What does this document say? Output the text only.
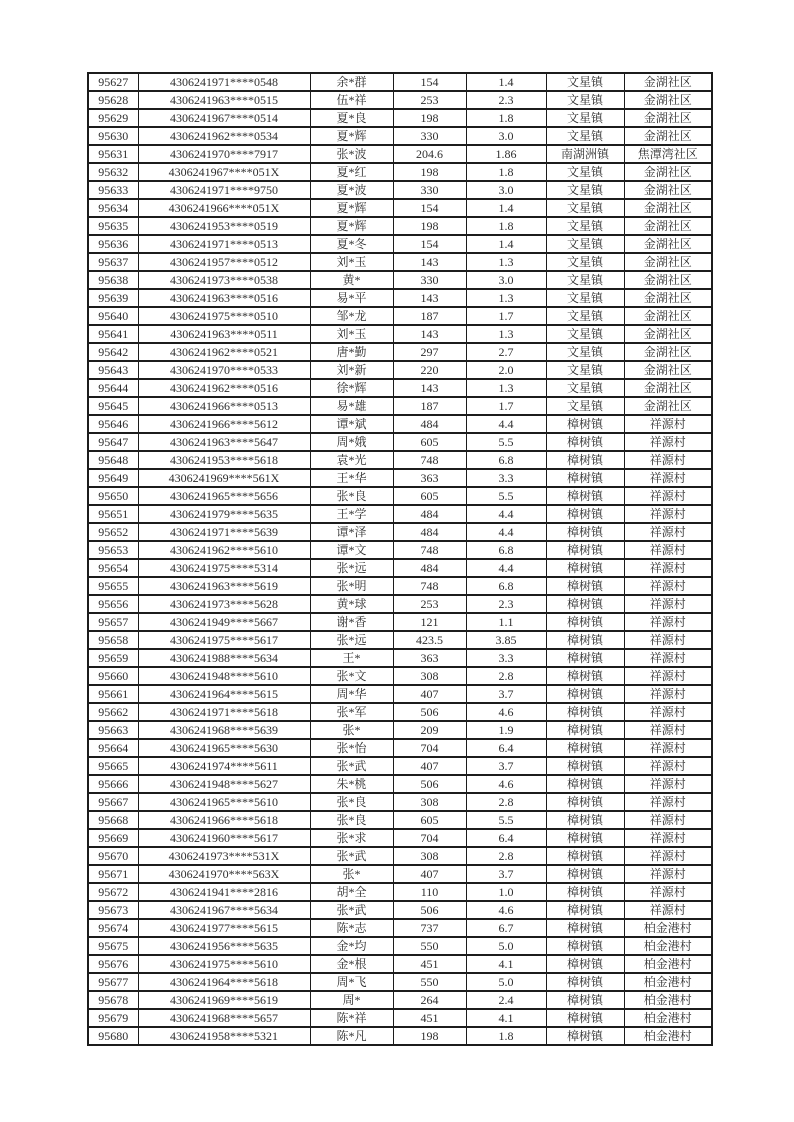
95627	4306241971****0548	余*群	154	1.4	文星镇	金湖社区
95628	4306241963****0515	伍*祥	253	2.3	文星镇	金湖社区
95629	4306241967****0514	夏*良	198	1.8	文星镇	金湖社区
95630	4306241962****0534	夏*辉	330	3.0	文星镇	金湖社区
95631	4306241970****7917	张*波	204.6	1.86	南湖洲镇	焦潭湾社区
95632	4306241967****051X	夏*红	198	1.8	文星镇	金湖社区
95633	4306241971****9750	夏*波	330	3.0	文星镇	金湖社区
95634	4306241966****051X	夏*辉	154	1.4	文星镇	金湖社区
95635	4306241953****0519	夏*辉	198	1.8	文星镇	金湖社区
95636	4306241971****0513	夏*冬	154	1.4	文星镇	金湖社区
95637	4306241957****0512	刘*玉	143	1.3	文星镇	金湖社区
95638	4306241973****0538	黄*	330	3.0	文星镇	金湖社区
95639	4306241963****0516	易*平	143	1.3	文星镇	金湖社区
95640	4306241975****0510	邹*龙	187	1.7	文星镇	金湖社区
95641	4306241963****0511	刘*玉	143	1.3	文星镇	金湖社区
95642	4306241962****0521	唐*勤	297	2.7	文星镇	金湖社区
95643	4306241970****0533	刘*新	220	2.0	文星镇	金湖社区
95644	4306241962****0516	徐*辉	143	1.3	文星镇	金湖社区
95645	4306241966****0513	易*雄	187	1.7	文星镇	金湖社区
95646	4306241966****5612	谭*斌	484	4.4	樟树镇	祥源村
95647	4306241963****5647	周*娥	605	5.5	樟树镇	祥源村
95648	4306241953****5618	袁*光	748	6.8	樟树镇	祥源村
95649	4306241969****561X	王*华	363	3.3	樟树镇	祥源村
95650	4306241965****5656	张*良	605	5.5	樟树镇	祥源村
95651	4306241979****5635	王*学	484	4.4	樟树镇	祥源村
95652	4306241971****5639	谭*泽	484	4.4	樟树镇	祥源村
95653	4306241962****5610	谭*文	748	6.8	樟树镇	祥源村
95654	4306241975****5314	张*远	484	4.4	樟树镇	祥源村
95655	4306241963****5619	张*明	748	6.8	樟树镇	祥源村
95656	4306241973****5628	黄*球	253	2.3	樟树镇	祥源村
95657	4306241949****5667	谢*香	121	1.1	樟树镇	祥源村
95658	4306241975****5617	张*远	423.5	3.85	樟树镇	祥源村
95659	4306241988****5634	王*	363	3.3	樟树镇	祥源村
95660	4306241948****5610	张*文	308	2.8	樟树镇	祥源村
95661	4306241964****5615	周*华	407	3.7	樟树镇	祥源村
95662	4306241971****5618	张*军	506	4.6	樟树镇	祥源村
95663	4306241968****5639	张*	209	1.9	樟树镇	祥源村
95664	4306241965****5630	张*怡	704	6.4	樟树镇	祥源村
95665	4306241974****5611	张*武	407	3.7	樟树镇	祥源村
95666	4306241948****5627	朱*桃	506	4.6	樟树镇	祥源村
95667	4306241965****5610	张*良	308	2.8	樟树镇	祥源村
95668	4306241966****5618	张*良	605	5.5	樟树镇	祥源村
95669	4306241960****5617	张*求	704	6.4	樟树镇	祥源村
95670	4306241973****531X	张*武	308	2.8	樟树镇	祥源村
95671	4306241970****563X	张*	407	3.7	樟树镇	祥源村
95672	4306241941****2816	胡*全	110	1.0	樟树镇	祥源村
95673	4306241967****5634	张*武	506	4.6	樟树镇	祥源村
95674	4306241977****5615	陈*志	737	6.7	樟树镇	柏金港村
95675	4306241956****5635	金*均	550	5.0	樟树镇	柏金港村
95676	4306241975****5610	金*根	451	4.1	樟树镇	柏金港村
95677	4306241964****5618	周*飞	550	5.0	樟树镇	柏金港村
95678	4306241969****5619	周*	264	2.4	樟树镇	柏金港村
95679	4306241968****5657	陈*祥	451	4.1	樟树镇	柏金港村
95680	4306241958****5321	陈*凡	198	1.8	樟树镇	柏金港村
